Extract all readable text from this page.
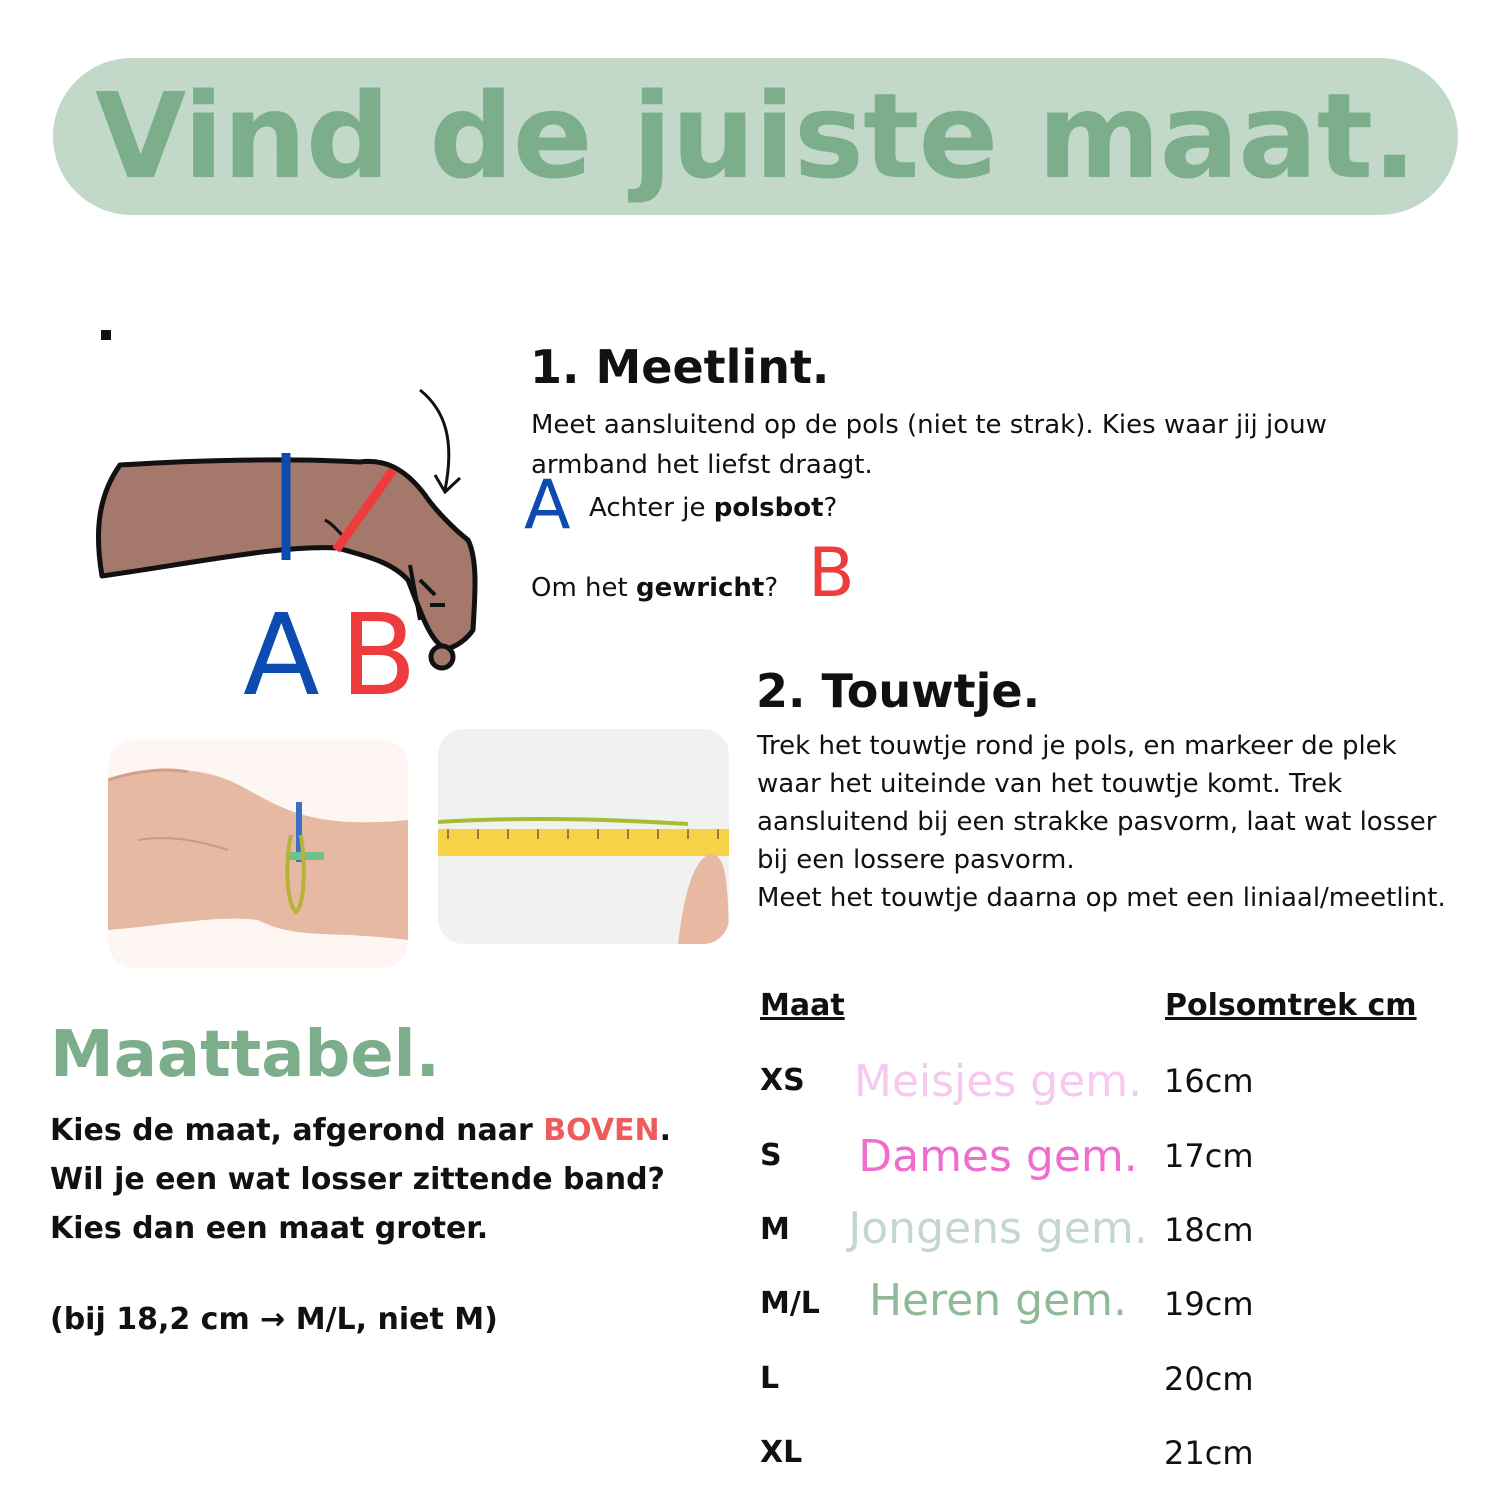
Vind de juiste maat.
A B
1. Meetlint.
Meet aansluitend op de pols (niet te strak). Kies waar jij jouw armband het liefst draagt.
A Achter je polsbot?
Om het gewricht? B
2. Touwtje.
Trek het touwtje rond je pols, en markeer de plek waar het uiteinde van het touwtje komt. Trek aansluitend bij een strakke pasvorm, laat wat losser bij een lossere pasvorm.
Meet het touwtje daarna op met een liniaal/meetlint.
Maattabel.
Kies de maat, afgerond naar BOVEN.
Wil je een wat losser zittende band?
Kies dan een maat groter.
(bij 18,2 cm → M/L, niet M)
Maat	Polsomtrek cm
XS	Meisjes gem. 16cm
S	Dames gem. 17cm
M Jongens gem. 18cm
M/L	Heren gem.	19cm
L	20cm
XL	21cm
